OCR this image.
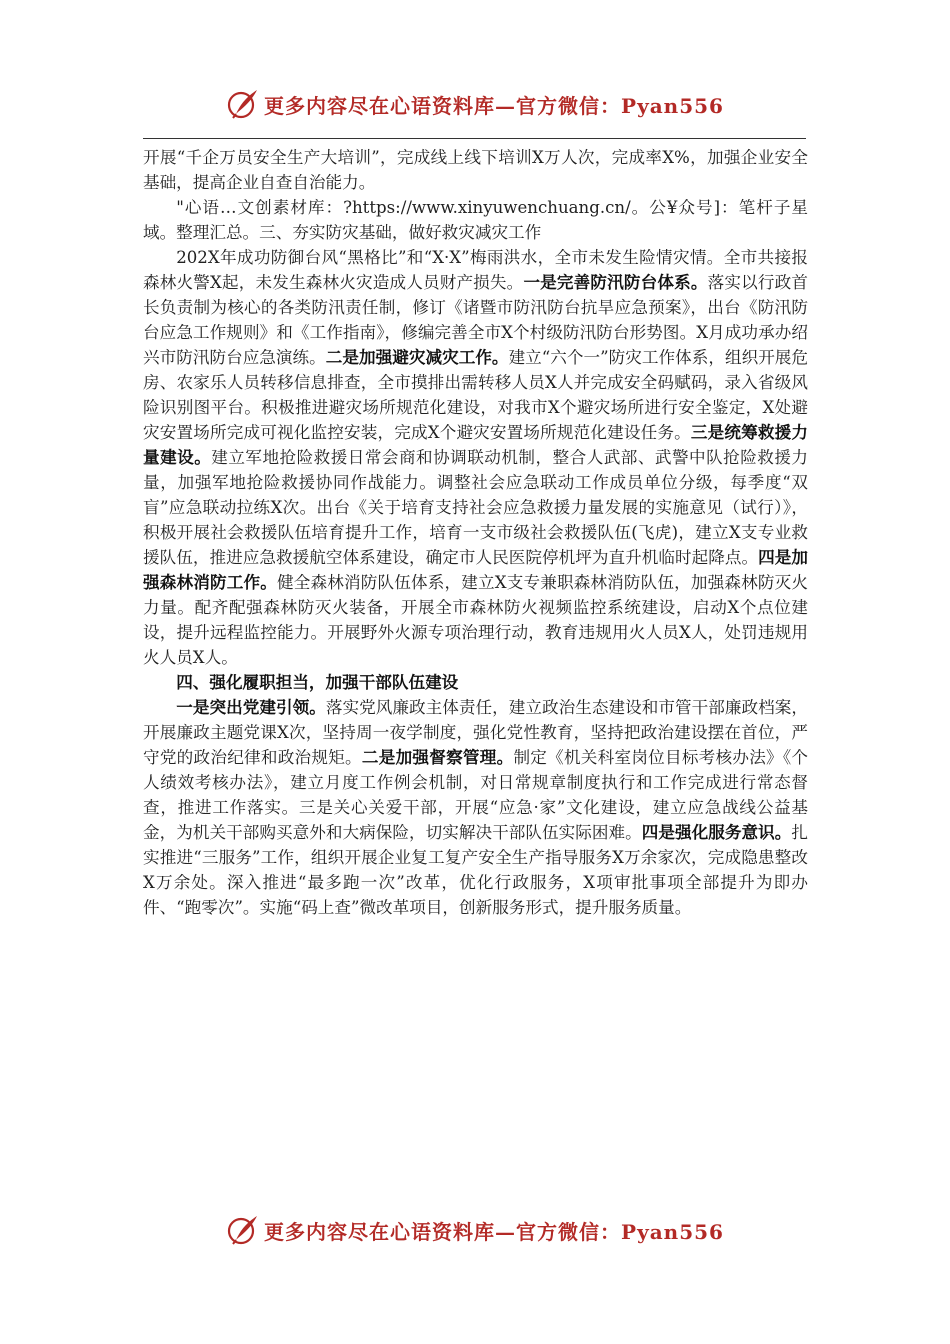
更多内容尽在心语资料库—官方微信：Pyan556

开展“千企万员安全生产大培训”，完成线上线下培训X万人次，完成率X%，加强企业安全基础，提高企业自查自治能力。

"心语…文创素材库：?https://www.xinyuwenchuang.cn/。公¥众号]：笔杆子星域。整理汇总。三、夯实防灾基础，做好救灾减灾工作

202X年成功防御台风“黑格比”和“X·X”梅雨洪水，全市未发生险情灾情。全市共接报森林火警X起，未发生森林火灾造成人员财产损失。一是完善防汛防台体系。落实以行政首长负责制为核心的各类防汛责任制，修订《诸暨市防汛防台抗旱应急预案》，出台《防汛防台应急工作规则》和《工作指南》，修编完善全市X个村级防汛防台形势图。X月成功承办绍兴市防汛防台应急演练。二是加强避灾减灾工作。建立“六个一”防灾工作体系，组织开展危房、农家乐人员转移信息排查，全市摸排出需转移人员X人并完成安全码赋码，录入省级风险识别图平台。积极推进避灾场所规范化建设，对我市X个避灾场所进行安全鉴定，X处避灾安置场所完成可视化监控安装，完成X个避灾安置场所规范化建设任务。三是统筹救援力量建设。建立军地抢险救援日常会商和协调联动机制，整合人武部、武警中队抢险救援力量，加强军地抢险救援协同作战能力。调整社会应急联动工作成员单位分级，每季度“双盲”应急联动拉练X次。出台《关于培育支持社会应急救援力量发展的实施意见（试行）》，积极开展社会救援队伍培育提升工作，培育一支市级社会救援队伍(飞虎)，建立X支专业救援队伍，推进应急救援航空体系建设，确定市人民医院停机坪为直升机临时起降点。四是加强森林消防工作。健全森林消防队伍体系，建立X支专兼职森林消防队伍，加强森林防灭火力量。配齐配强森林防灭火装备，开展全市森林防火视频监控系统建设，启动X个点位建设，提升远程监控能力。开展野外火源专项治理行动，教育违规用火人员X人，处罚违规用火人员X人。

四、强化履职担当，加强干部队伍建设

一是突出党建引领。落实党风廉政主体责任，建立政治生态建设和市管干部廉政档案，开展廉政主题党课X次，坚持周一夜学制度，强化党性教育，坚持把政治建设摆在首位，严守党的政治纪律和政治规矩。二是加强督察管理。制定《机关科室岗位目标考核办法》《个人绩效考核办法》，建立月度工作例会机制，对日常规章制度执行和工作完成进行常态督查，推进工作落实。三是关心关爱干部，开展“应急·家”文化建设，建立应急战线公益基金，为机关干部购买意外和大病保险，切实解决干部队伍实际困难。四是强化服务意识。扎实推进“三服务”工作，组织开展企业复工复产安全生产指导服务X万余家次，完成隐患整改X万余处。深入推进“最多跑一次”改革，优化行政服务，X项审批事项全部提升为即办件、“跑零次”。实施“码上查”微改革项目，创新服务形式，提升服务质量。

更多内容尽在心语资料库—官方微信：Pyan556
